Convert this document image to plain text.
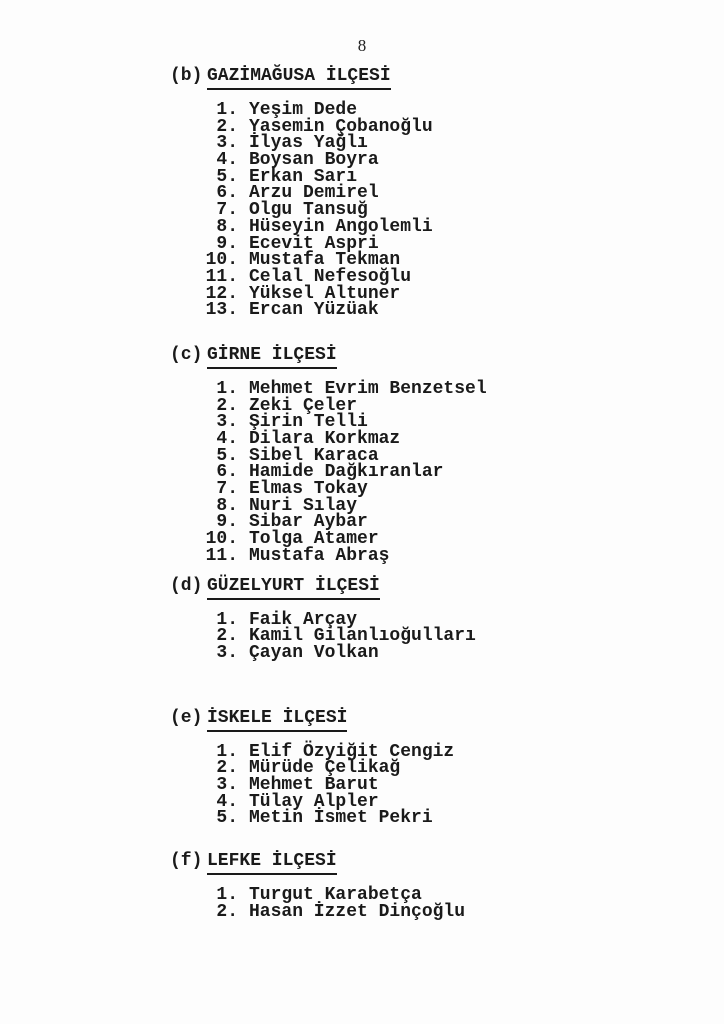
8
(b) GAZİMAĞUSA İLÇESİ
1. Yeşim Dede
2. Yasemin Çobanoğlu
3. İlyas Yağlı
4. Boysan Boyra
5. Erkan Sarı
6. Arzu Demirel
7. Olgu Tansuğ
8. Hüseyin Angolemli
9. Ecevit Aspri
10. Mustafa Tekman
11. Celal Nefesoğlu
12. Yüksel Altuner
13. Ercan Yüzüak
(c) GİRNE İLÇESİ
1. Mehmet Evrim Benzetsel
2. Zeki Çeler
3. Şirin Telli
4. Dilara Korkmaz
5. Sibel Karaca
6. Hamide Dağkıranlar
7. Elmas Tokay
8. Nuri Sılay
9. Sibar Aybar
10. Tolga Atamer
11. Mustafa Abraş
(d) GÜZELYURT İLÇESİ
1. Faik Arçay
2. Kamil Gilanlıoğulları
3. Çayan Volkan
(e) İSKELE İLÇESİ
1. Elif Özyiğit Cengiz
2. Mürüde Çelikağ
3. Mehmet Barut
4. Tülay Alpler
5. Metin İsmet Pekri
(f) LEFKE İLÇESİ
1. Turgut Karabetça
2. Hasan İzzet Dinçoğlu
